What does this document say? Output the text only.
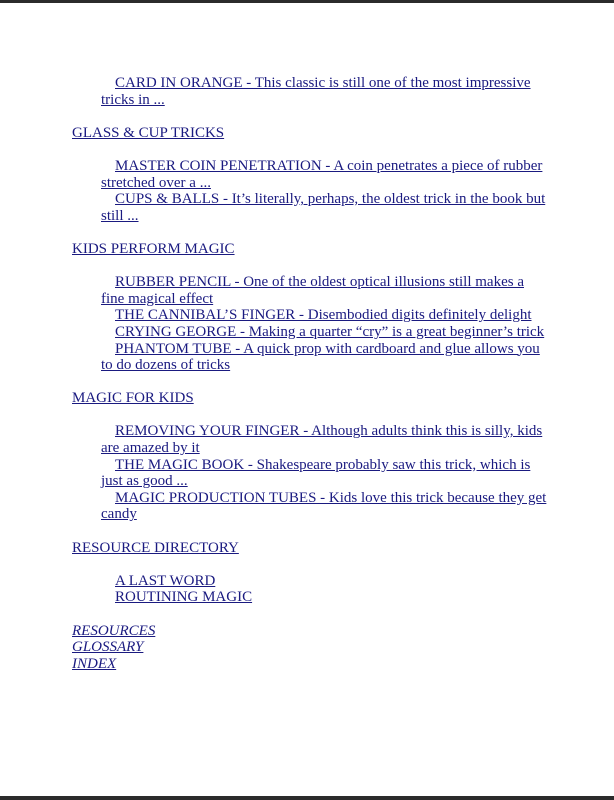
CARD IN ORANGE - This classic is still one of the most impressive tricks in ...
GLASS & CUP TRICKS
MASTER COIN PENETRATION - A coin penetrates a piece of rubber stretched over a ...
CUPS & BALLS - It’s literally, perhaps, the oldest trick in the book but still ...
KIDS PERFORM MAGIC
RUBBER PENCIL - One of the oldest optical illusions still makes a fine magical effect
THE CANNIBAL’S FINGER - Disembodied digits definitely delight
CRYING GEORGE - Making a quarter “cry” is a great beginner’s trick
PHANTOM TUBE - A quick prop with cardboard and glue allows you to do dozens of tricks
MAGIC FOR KIDS
REMOVING YOUR FINGER - Although adults think this is silly, kids are amazed by it
THE MAGIC BOOK - Shakespeare probably saw this trick, which is just as good ...
MAGIC PRODUCTION TUBES - Kids love this trick because they get candy
RESOURCE DIRECTORY
A LAST WORD
ROUTINING MAGIC
RESOURCES
GLOSSARY
INDEX
